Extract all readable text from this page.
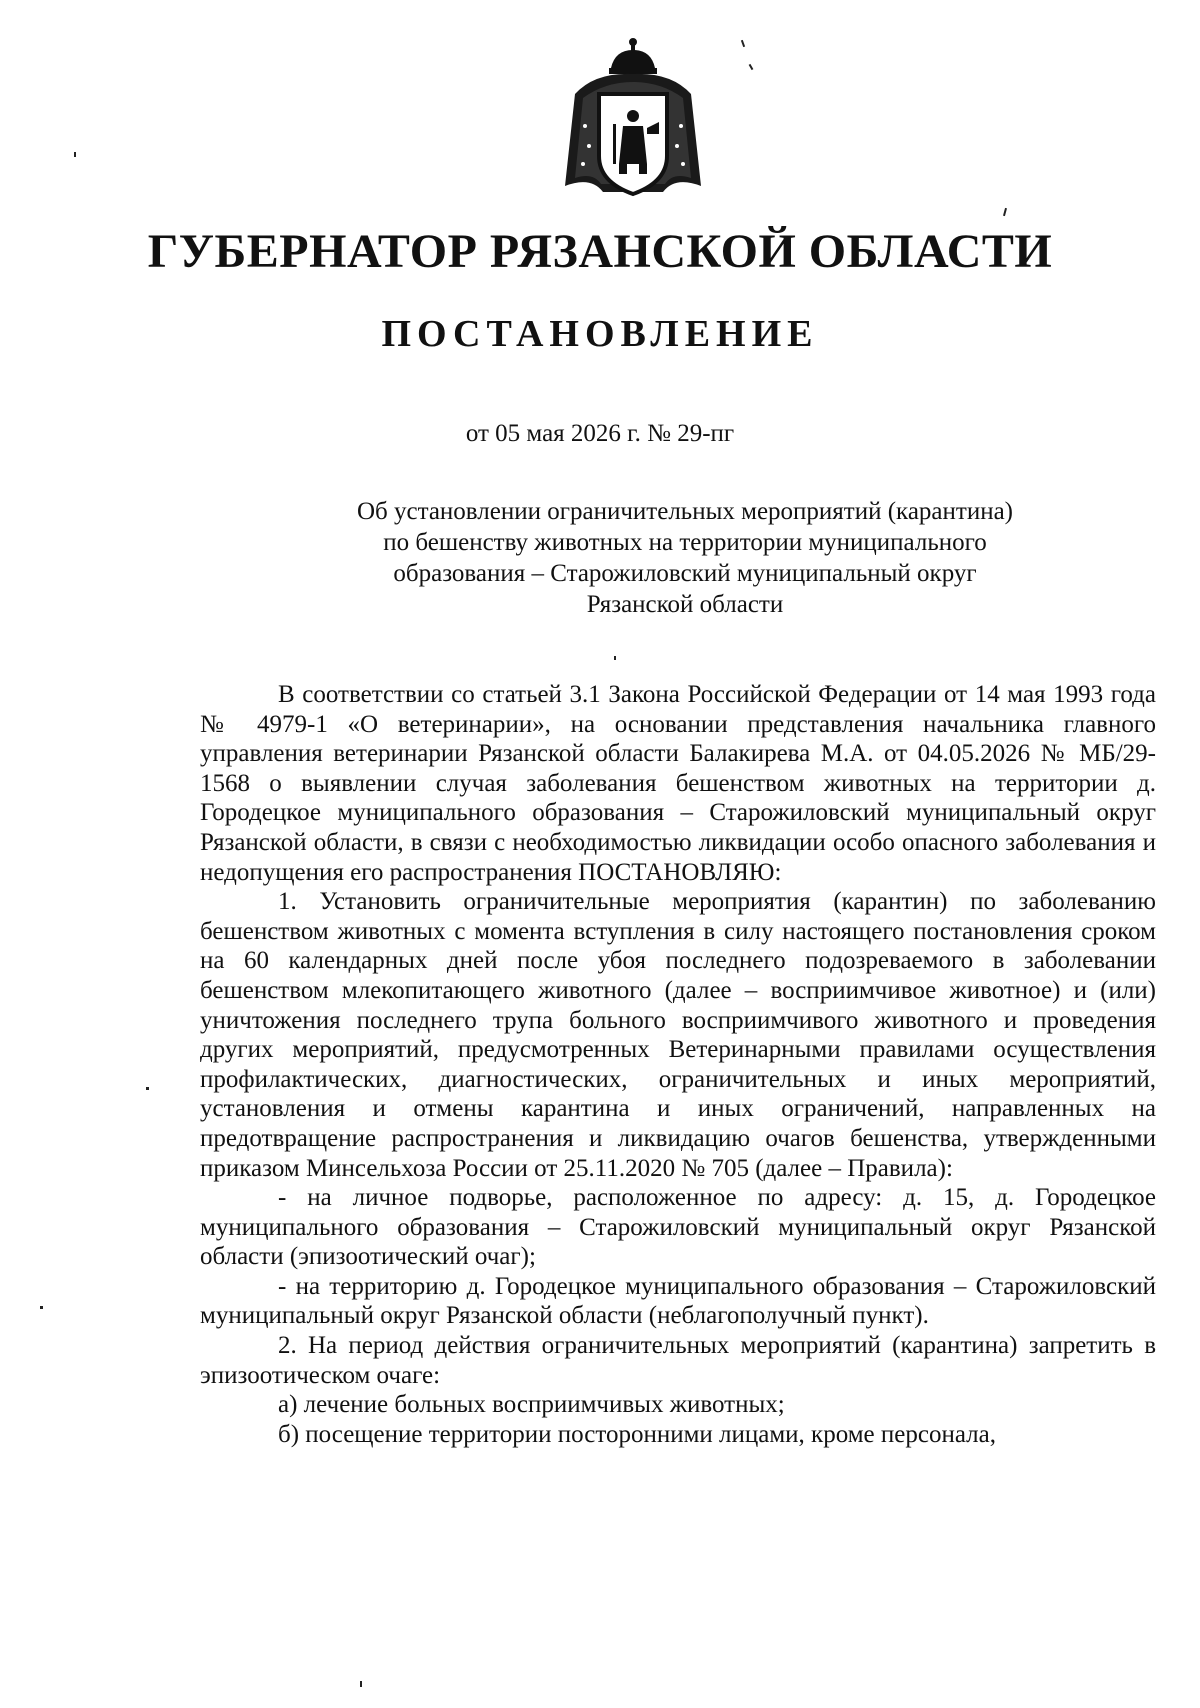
ГУБЕРНАТОР РЯЗАНСКОЙ ОБЛАСТИ
ПОСТАНОВЛЕНИЕ
от 05 мая 2026 г. № 29-пг
Об установлении ограничительных мероприятий (карантина)
по бешенству животных на территории муниципального
образования – Старожиловский муниципальный округ
Рязанской области

В соответствии со статьей 3.1 Закона Российской Федерации от 14 мая 1993 года № 4979-1 «О ветеринарии», на основании представления начальника главного управления ветеринарии Рязанской области Балакирева М.А. от 04.05.2026 № МБ/29-1568 о выявлении случая заболевания бешенством животных на территории д. Городецкое муниципального образования – Старожиловский муниципальный округ Рязанской области, в связи с необходимостью ликвидации особо опасного заболевания и недопущения его распространения ПОСТАНОВЛЯЮ:

1. Установить ограничительные мероприятия (карантин) по заболеванию бешенством животных с момента вступления в силу настоящего постановления сроком на 60 календарных дней после убоя последнего подозреваемого в заболевании бешенством млекопитающего животного (далее – восприимчивое животное) и (или) уничтожения последнего трупа больного восприимчивого животного и проведения других мероприятий, предусмотренных Ветеринарными правилами осуществления профилактических, диагностических, ограничительных и иных мероприятий, установления и отмены карантина и иных ограничений, направленных на предотвращение распространения и ликвидацию очагов бешенства, утвержденными приказом Минсельхоза России от 25.11.2020 № 705 (далее – Правила):

- на личное подворье, расположенное по адресу: д. 15, д. Городецкое муниципального образования – Старожиловский муниципальный округ Рязанской области (эпизоотический очаг);

- на территорию д. Городецкое муниципального образования – Старожиловский муниципальный округ Рязанской области (неблагополучный пункт).

2. На период действия ограничительных мероприятий (карантина) запретить в эпизоотическом очаге:

а) лечение больных восприимчивых животных;

б) посещение территории посторонними лицами, кроме персонала,
